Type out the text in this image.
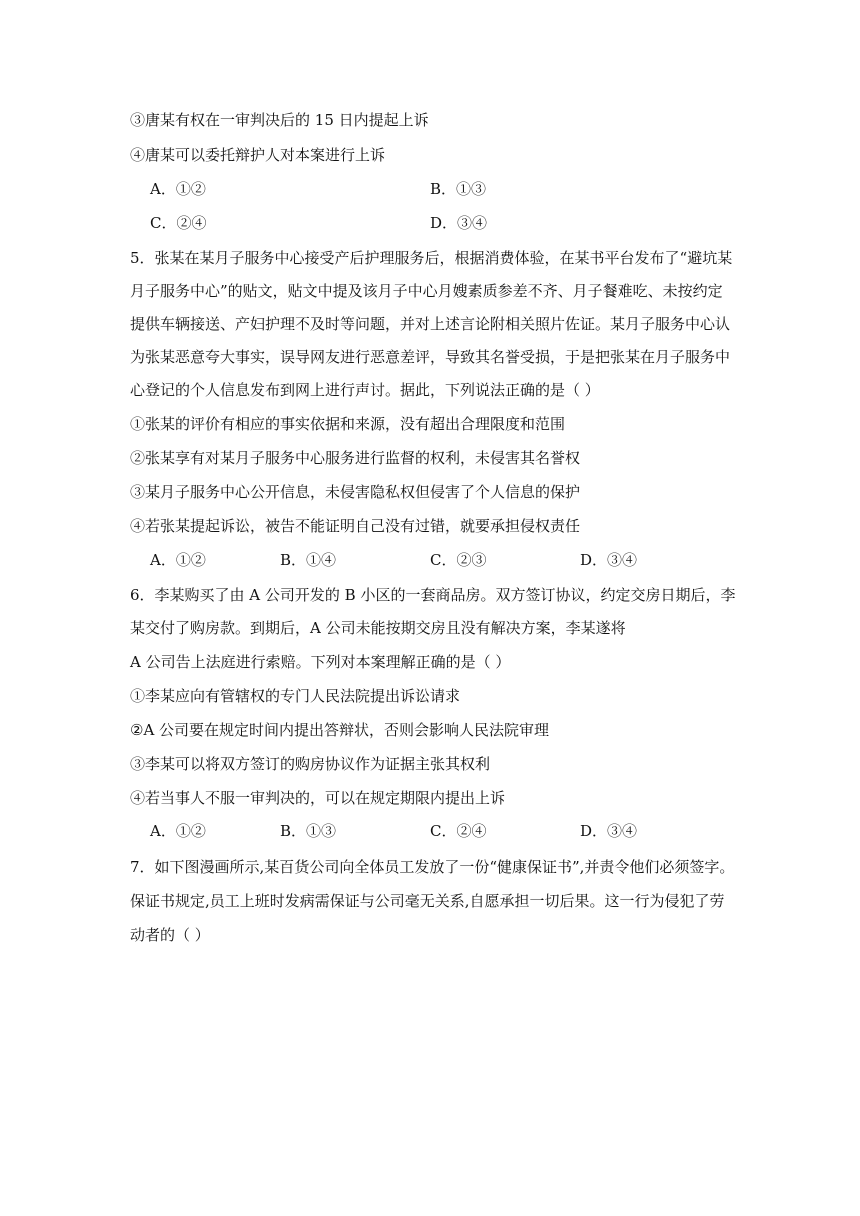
③唐某有权在一审判决后的 15 日内提起上诉
④唐某可以委托辩护人对本案进行上诉
A．①②	B．①③
C．②④	D．③④
5．张某在某月子服务中心接受产后护理服务后，根据消费体验，在某书平台发布了“避坑某
月子服务中心”的贴文，贴文中提及该月子中心月嫂素质参差不齐、月子餐难吃、未按约定
提供车辆接送、产妇护理不及时等问题，并对上述言论附相关照片佐证。某月子服务中心认
为张某恶意夸大事实，误导网友进行恶意差评，导致其名誉受损，于是把张某在月子服务中
心登记的个人信息发布到网上进行声讨。据此，下列说法正确的是（ ）
①张某的评价有相应的事实依据和来源，没有超出合理限度和范围
②张某享有对某月子服务中心服务进行监督的权利，未侵害其名誉权
③某月子服务中心公开信息，未侵害隐私权但侵害了个人信息的保护
④若张某提起诉讼，被告不能证明自己没有过错，就要承担侵权责任
A．①②	B．①④	C．②③	D．③④
6．李某购买了由 A 公司开发的 B 小区的一套商品房。双方签订协议，约定交房日期后，李
某交付了购房款。到期后，A 公司未能按期交房且没有解决方案，李某遂将
A 公司告上法庭进行索赔。下列对本案理解正确的是（ ）
①李某应向有管辖权的专门人民法院提出诉讼请求
②A 公司要在规定时间内提出答辩状，否则会影响人民法院审理
③李某可以将双方签订的购房协议作为证据主张其权利
④若当事人不服一审判决的，可以在规定期限内提出上诉
A．①②	B．①③	C．②④	D．③④
7．如下图漫画所示,某百货公司向全体员工发放了一份“健康保证书”,并责令他们必须签字。
保证书规定,员工上班时发病需保证与公司毫无关系,自愿承担一切后果。这一行为侵犯了劳
动者的（ ）
